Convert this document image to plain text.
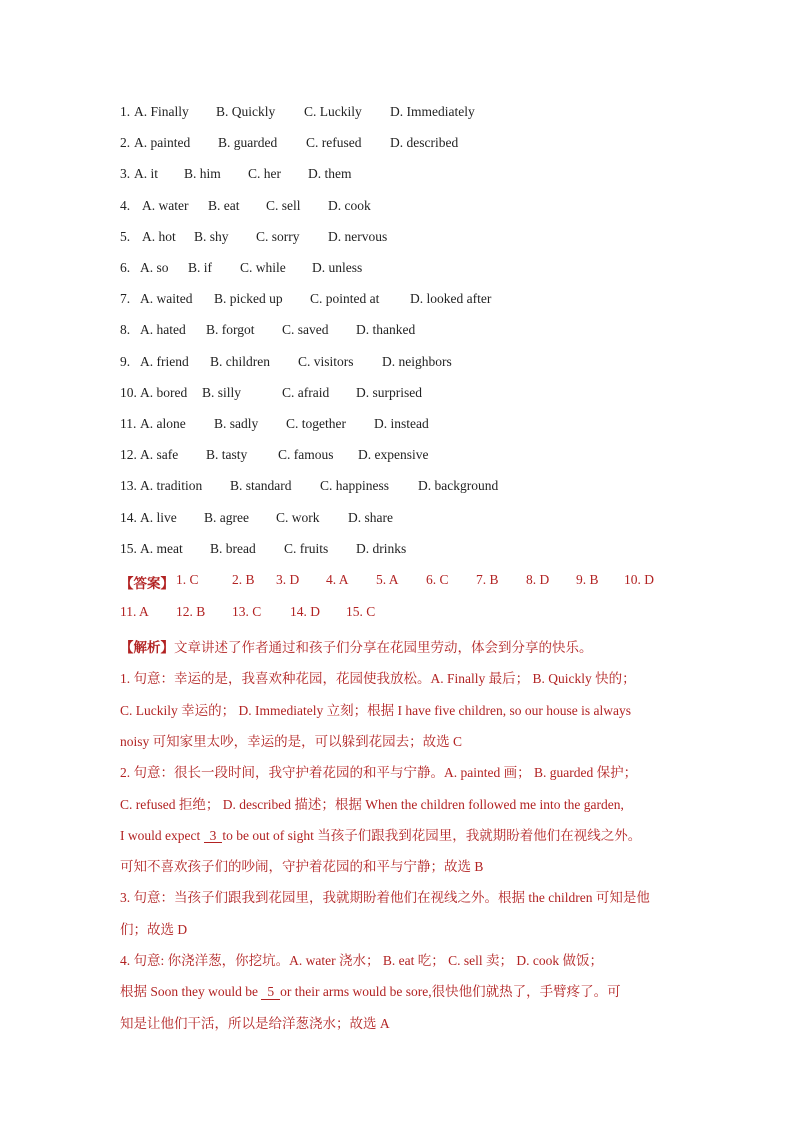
1. A. Finally B. Quickly C. Luckily D. Immediately
2. A. painted B. guarded C. refused D. described
3. A. it B. him C. her D. them
4. A. water B. eat C. sell D. cook
5. A. hot B. shy C. sorry D. nervous
6. A. so B. if C. while D. unless
7. A. waited B. picked up C. pointed at D. looked after
8. A. hated B. forgot C. saved D. thanked
9. A. friend B. children C. visitors D. neighbors
10. A. bored B. silly	C. afraid D. surprised
11. A. alone B. sadly C. together D. instead
12. A. safe B. tasty C. famous D. expensive
13. A. tradition B. standard C. happiness D. background
14. A. live B. agree C. work D. share
15. A. meat B. bread C. fruits D. drinks
【答案】 1. C 2. B 3. D 4. A 5. A 6. C 7. B 8. D 9. B 10. D
11. A 12. B 13. C 14. D 15. C
【解析】文章讲述了作者通过和孩子们分享在花园里劳动，体会到分享的快乐。
1. 句意：幸运的是，我喜欢种花园，花园使我放松。A. Finally 最后； B. Quickly 快的；
C. Luckily 幸运的； D. Immediately 立刻；根据 I have five children, so our house is always
noisy 可知家里太吵，幸运的是，可以躲到花园去；故选 C
2. 句意：很长一段时间，我守护着花园的和平与宁静。A. painted 画； B. guarded 保护；
C. refused 拒绝； D. described 描述；根据 When the children followed me into the garden,
I would expect 3 to be out of sight 当孩子们跟我到花园里，我就期盼着他们在视线之外。
可知不喜欢孩子们的吵闹，守护着花园的和平与宁静；故选 B
3. 句意：当孩子们跟我到花园里，我就期盼着他们在视线之外。根据 the children 可知是他
们；故选 D
4. 句意: 你浇洋葱，你挖坑。A. water 浇水； B. eat 吃； C. sell 卖； D. cook 做饭；
根据 Soon they would be 5 or their arms would be sore,很快他们就热了，手臂疼了。可
知是让他们干活，所以是给洋葱浇水；故选 A
